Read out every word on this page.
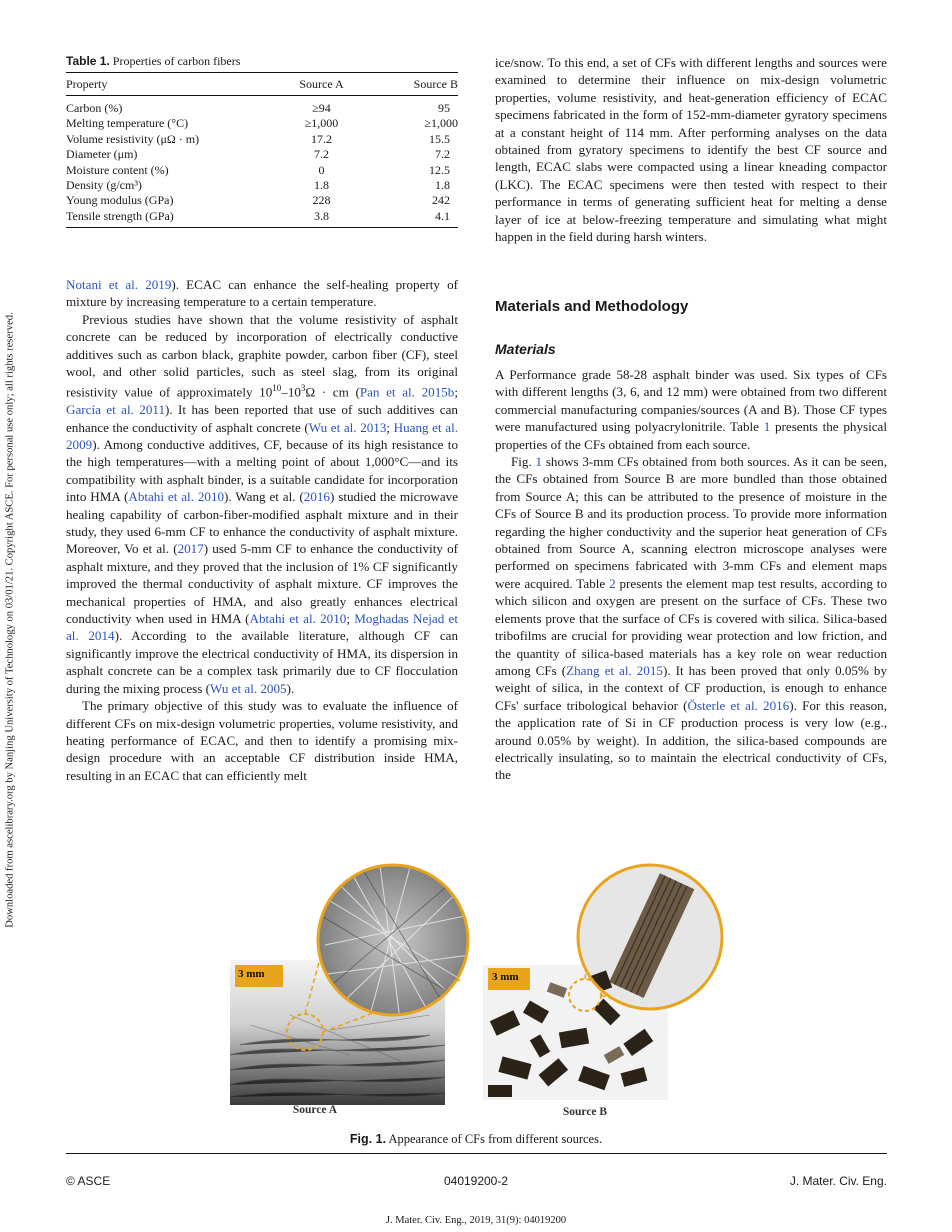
Downloaded from ascelibrary.org by Nanjing University of Technology on 03/01/21. Copyright ASCE. For personal use only; all rights reserved.
Table 1. Properties of carbon fibers
Property	Source A	Source B
Carbon (%)	≥94	95
Melting temperature (°C)	≥1,000	≥1,000
Volume resistivity (μΩ · m)	17.2	15.5
Diameter (μm)	7.2	7.2
Moisture content (%)	0	12.5
Density (g/cm³)	1.8	1.8
Young modulus (GPa)	228	242
Tensile strength (GPa)	3.8	4.1

Notani et al. 2019). ECAC can enhance the self-healing property of mixture by increasing temperature to a certain temperature.

Previous studies have shown that the volume resistivity of asphalt concrete can be reduced by incorporation of electrically conductive additives such as carbon black, graphite powder, carbon fiber (CF), steel wool, and other solid particles, such as steel slag, from its original resistivity value of approximately $10^{10}-10^3\Omega$ · cm (Pan et al. 2015b; García et al. 2011). It has been reported that use of such additives can enhance the conductivity of asphalt concrete (Wu et al. 2013; Huang et al. 2009). Among conductive additives, CF, because of its high resistance to the high temperatures—with a melting point of about 1,000°C—and its compatibility with asphalt binder, is a suitable candidate for incorporation into HMA (Abtahi et al. 2010). Wang et al. (2016) studied the microwave healing capability of carbon-fiber-modified asphalt mixture and in their study, they used 6-mm CF to enhance the conductivity of asphalt mixture. Moreover, Vo et al. (2017) used 5-mm CF to enhance the conductivity of asphalt mixture, and they proved that the inclusion of 1% CF significantly improved the thermal conductivity of asphalt mixture. CF improves the mechanical properties of HMA, and also greatly enhances electrical conductivity when used in HMA (Abtahi et al. 2010; Moghadas Nejad et al. 2014). According to the available literature, although CF can significantly improve the electrical conductivity of HMA, its dispersion in asphalt concrete can be a complex task primarily due to CF flocculation during the mixing process (Wu et al. 2005).

The primary objective of this study was to evaluate the influence of different CFs on mix-design volumetric properties, volume resistivity, and heating performance of ECAC, and then to identify a promising mix-design procedure with an acceptable CF distribution inside HMA, resulting in an ECAC that can efficiently melt

ice/snow. To this end, a set of CFs with different lengths and sources were examined to determine their influence on mix-design volumetric properties, volume resistivity, and heat-generation efficiency of ECAC specimens fabricated in the form of 152-mm-diameter gyratory specimens at a constant height of 114 mm. After performing analyses on the data obtained from gyratory specimens to identify the best CF source and length, ECAC slabs were compacted using a linear kneading compactor (LKC). The ECAC specimens were then tested with respect to their performance in terms of generating sufficient heat for melting a dense layer of ice at below-freezing temperature and simulating what might happen in the field during harsh winters.

Materials and Methodology
Materials

A Performance grade 58-28 asphalt binder was used. Six types of CFs with different lengths (3, 6, and 12 mm) were obtained from two different commercial manufacturing companies/sources (A and B). Those CF types were manufactured using polyacrylonitrile. Table 1 presents the physical properties of the CFs obtained from each source.

Fig. 1 shows 3-mm CFs obtained from both sources. As it can be seen, the CFs obtained from Source B are more bundled than those obtained from Source A; this can be attributed to the presence of moisture in the CFs of Source B and its production process. To provide more information regarding the higher conductivity and the superior heat generation of CFs obtained from Source A, scanning electron microscope analyses were performed on specimens fabricated with 3-mm CFs and element maps were acquired. Table 2 presents the element map test results, according to which silicon and oxygen are present on the surface of CFs. These two elements prove that the surface of CFs is covered with silica. Silica-based tribofilms are crucial for providing wear protection and low friction, and the quantity of silica-based materials has a key role on wear reduction among CFs (Zhang et al. 2015). It has been proved that only 0.05% by weight of silica, in the context of CF production, is enough to enhance CFs' surface tribological behavior (Österle et al. 2016). For this reason, the application rate of Si in CF production process is very low (e.g., around 0.05% by weight). In addition, the silica-based compounds are electrically insulating, so to maintain the electrical conductivity of CFs, the

3 mm	3 mm
Source A	Source B
Fig. 1. Appearance of CFs from different sources.
© ASCE	04019200-2	J. Mater. Civ. Eng.
J. Mater. Civ. Eng., 2019, 31(9): 04019200
